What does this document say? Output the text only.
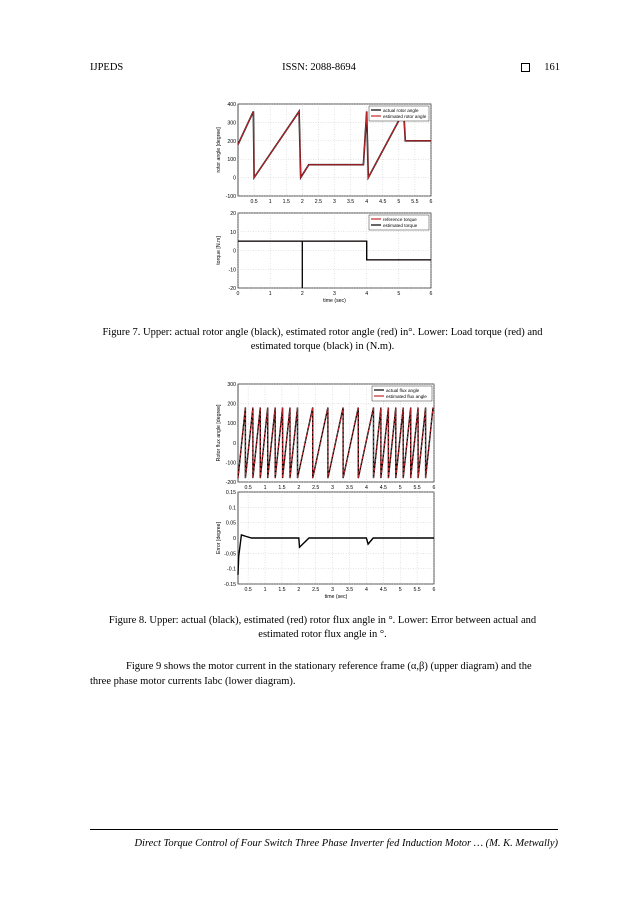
IJPEDS	ISSN: 2088-8694	161
0.5 1 1.5 2 2.5 3 3.5 4 4.5 5 5.5 6
-100
0
100
200
300
400
rotor angle [degree]
actual rotor angle
estimated rotor angle
0	1	2	3	4	5	6
-20
-10
0
10
20
torque [N.m]
time (sec)
reference torque
estimated torque
Figure 7. Upper: actual rotor angle (black), estimated rotor angle (red) in°. Lower: Load torque (red) and
estimated torque (black) in (N.m).
0.5 1 1.5 2 2.5 3 3.5 4 4.5 5 5.5 6
-200
-100
0
100
200
300
Rotor flux angle [degree]
actual flux angle
estimated flux angle
0.5 1 1.5 2 2.5 3 3.5 4 4.5 5 5.5 6
-0.15
-0.1
-0.05
0
0.05
0.1
0.15
Error [degree]
time (sec)
Figure 8. Upper: actual (black), estimated (red) rotor flux angle in °. Lower: Error between actual and
estimated rotor flux angle in °.
Figure 9 shows the motor current in the stationary reference frame (α,β) (upper diagram) and the
three phase motor currents Iabc (lower diagram).
Direct Torque Control of Four Switch Three Phase Inverter fed Induction Motor … (M. K. Metwally)
